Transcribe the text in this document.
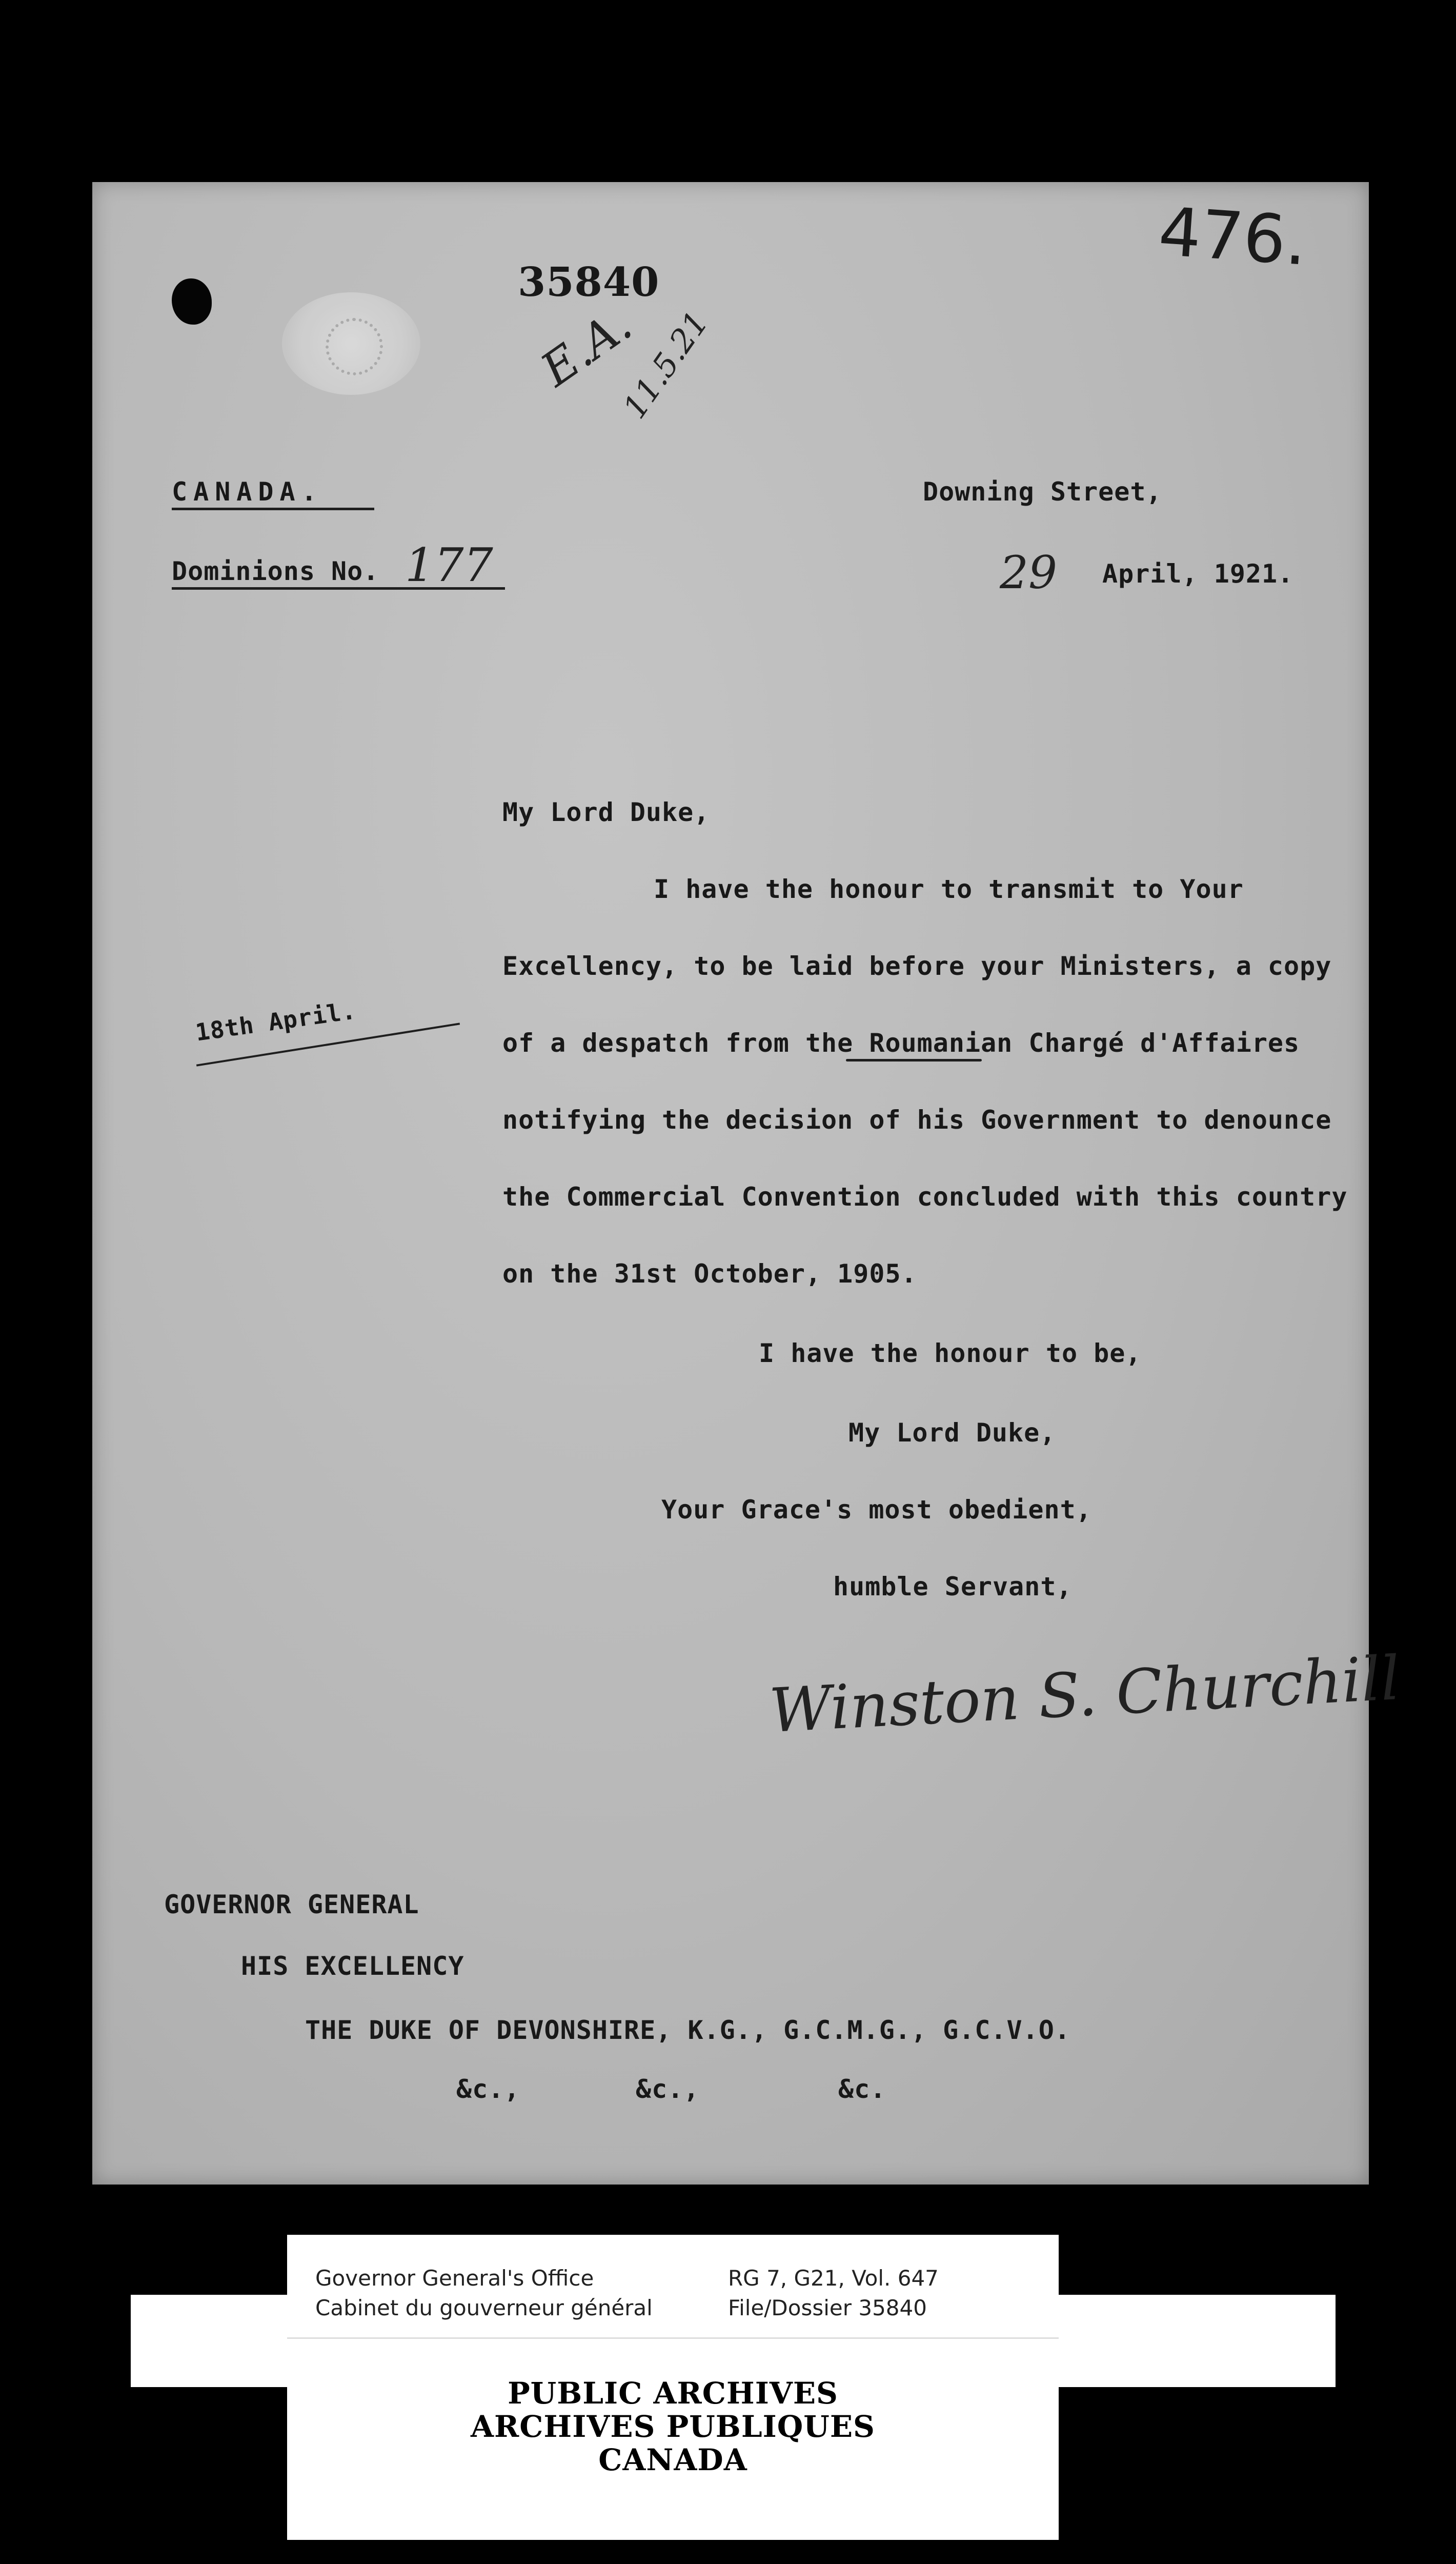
35840
476.
E.A.
11.5.21
CANADA.
Dominions No. 177
Downing Street,
29 April, 1921.
My Lord Duke,
I have the honour to transmit to Your
Excellency, to be laid before your Ministers, a copy
of a despatch from the Roumanian Chargé d'Affaires
notifying the decision of his Government to denounce
the Commercial Convention concluded with this country
on the 31st October, 1905.
18th April.
I have the honour to be,
My Lord Duke,
Your Grace's most obedient,
humble Servant,
Winston S. Churchill
GOVERNOR GENERAL
HIS EXCELLENCY
THE DUKE OF DEVONSHIRE, K.G., G.C.M.G., G.C.V.O.
&c.,	&c.,	&c.
Governor General's Office
Cabinet du gouverneur général
RG 7, G21, Vol. 647
File/Dossier 35840
PUBLIC ARCHIVES
ARCHIVES PUBLIQUES
CANADA
